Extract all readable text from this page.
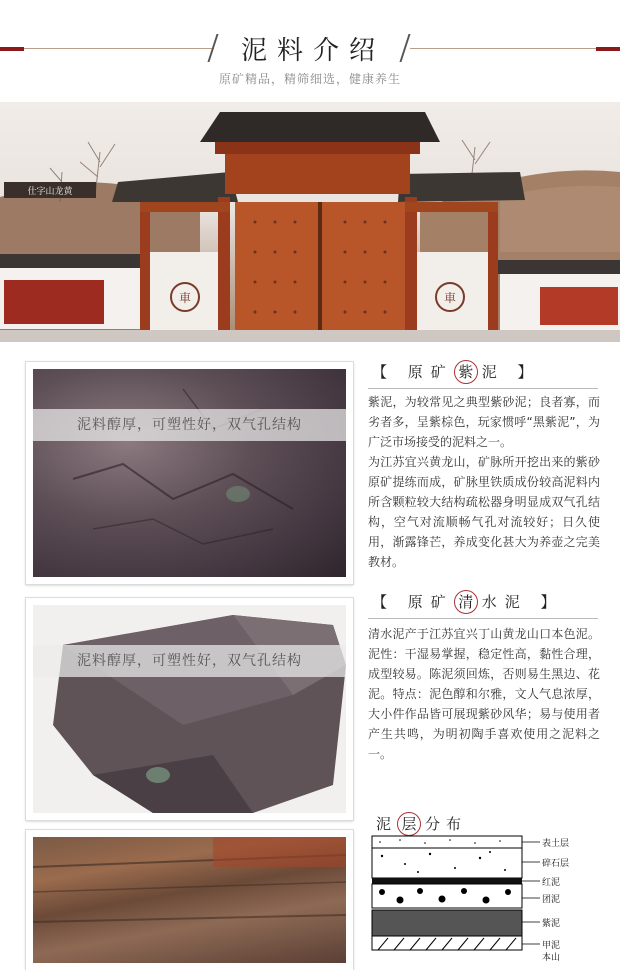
泥料介绍
原矿精品，精筛细选，健康养生
仕字山龙黄
車	車
泥料醇厚，可塑性好，双气孔结构
【 原矿 紫 泥 】

紫泥，为较常见之典型紫砂泥；良者寡，而劣者多，呈紫棕色，玩家惯呼“黑紫泥”，为广泛市场接受的泥料之一。

为江苏宜兴黄龙山，矿脉所开挖出来的紫砂原矿提练而成，矿脉里铁质成份较高泥料内所含颗粒较大结构疏松器身明显成双气孔结构，空气对流顺畅气孔对流较好；日久使用，渐露锋芒，养成变化甚大为养壶之完美教材。

泥料醇厚，可塑性好，双气孔结构
【 原矿 清 水泥 】

清水泥产于江苏宜兴丁山黄龙山口本色泥。泥性：干湿易掌握，稳定性高，黏性合理，成型较易。陈泥须回炼，否则易生黑边、花泥。特点：泥色醇和尔雅，文人气息浓厚，大小件作品皆可展现紫砂风华；易与使用者产生共鸣，为明初陶手喜欢使用之泥料之一。

泥 层 分布
表土层
碎石层
红泥
团泥
紫泥
甲泥
本山
